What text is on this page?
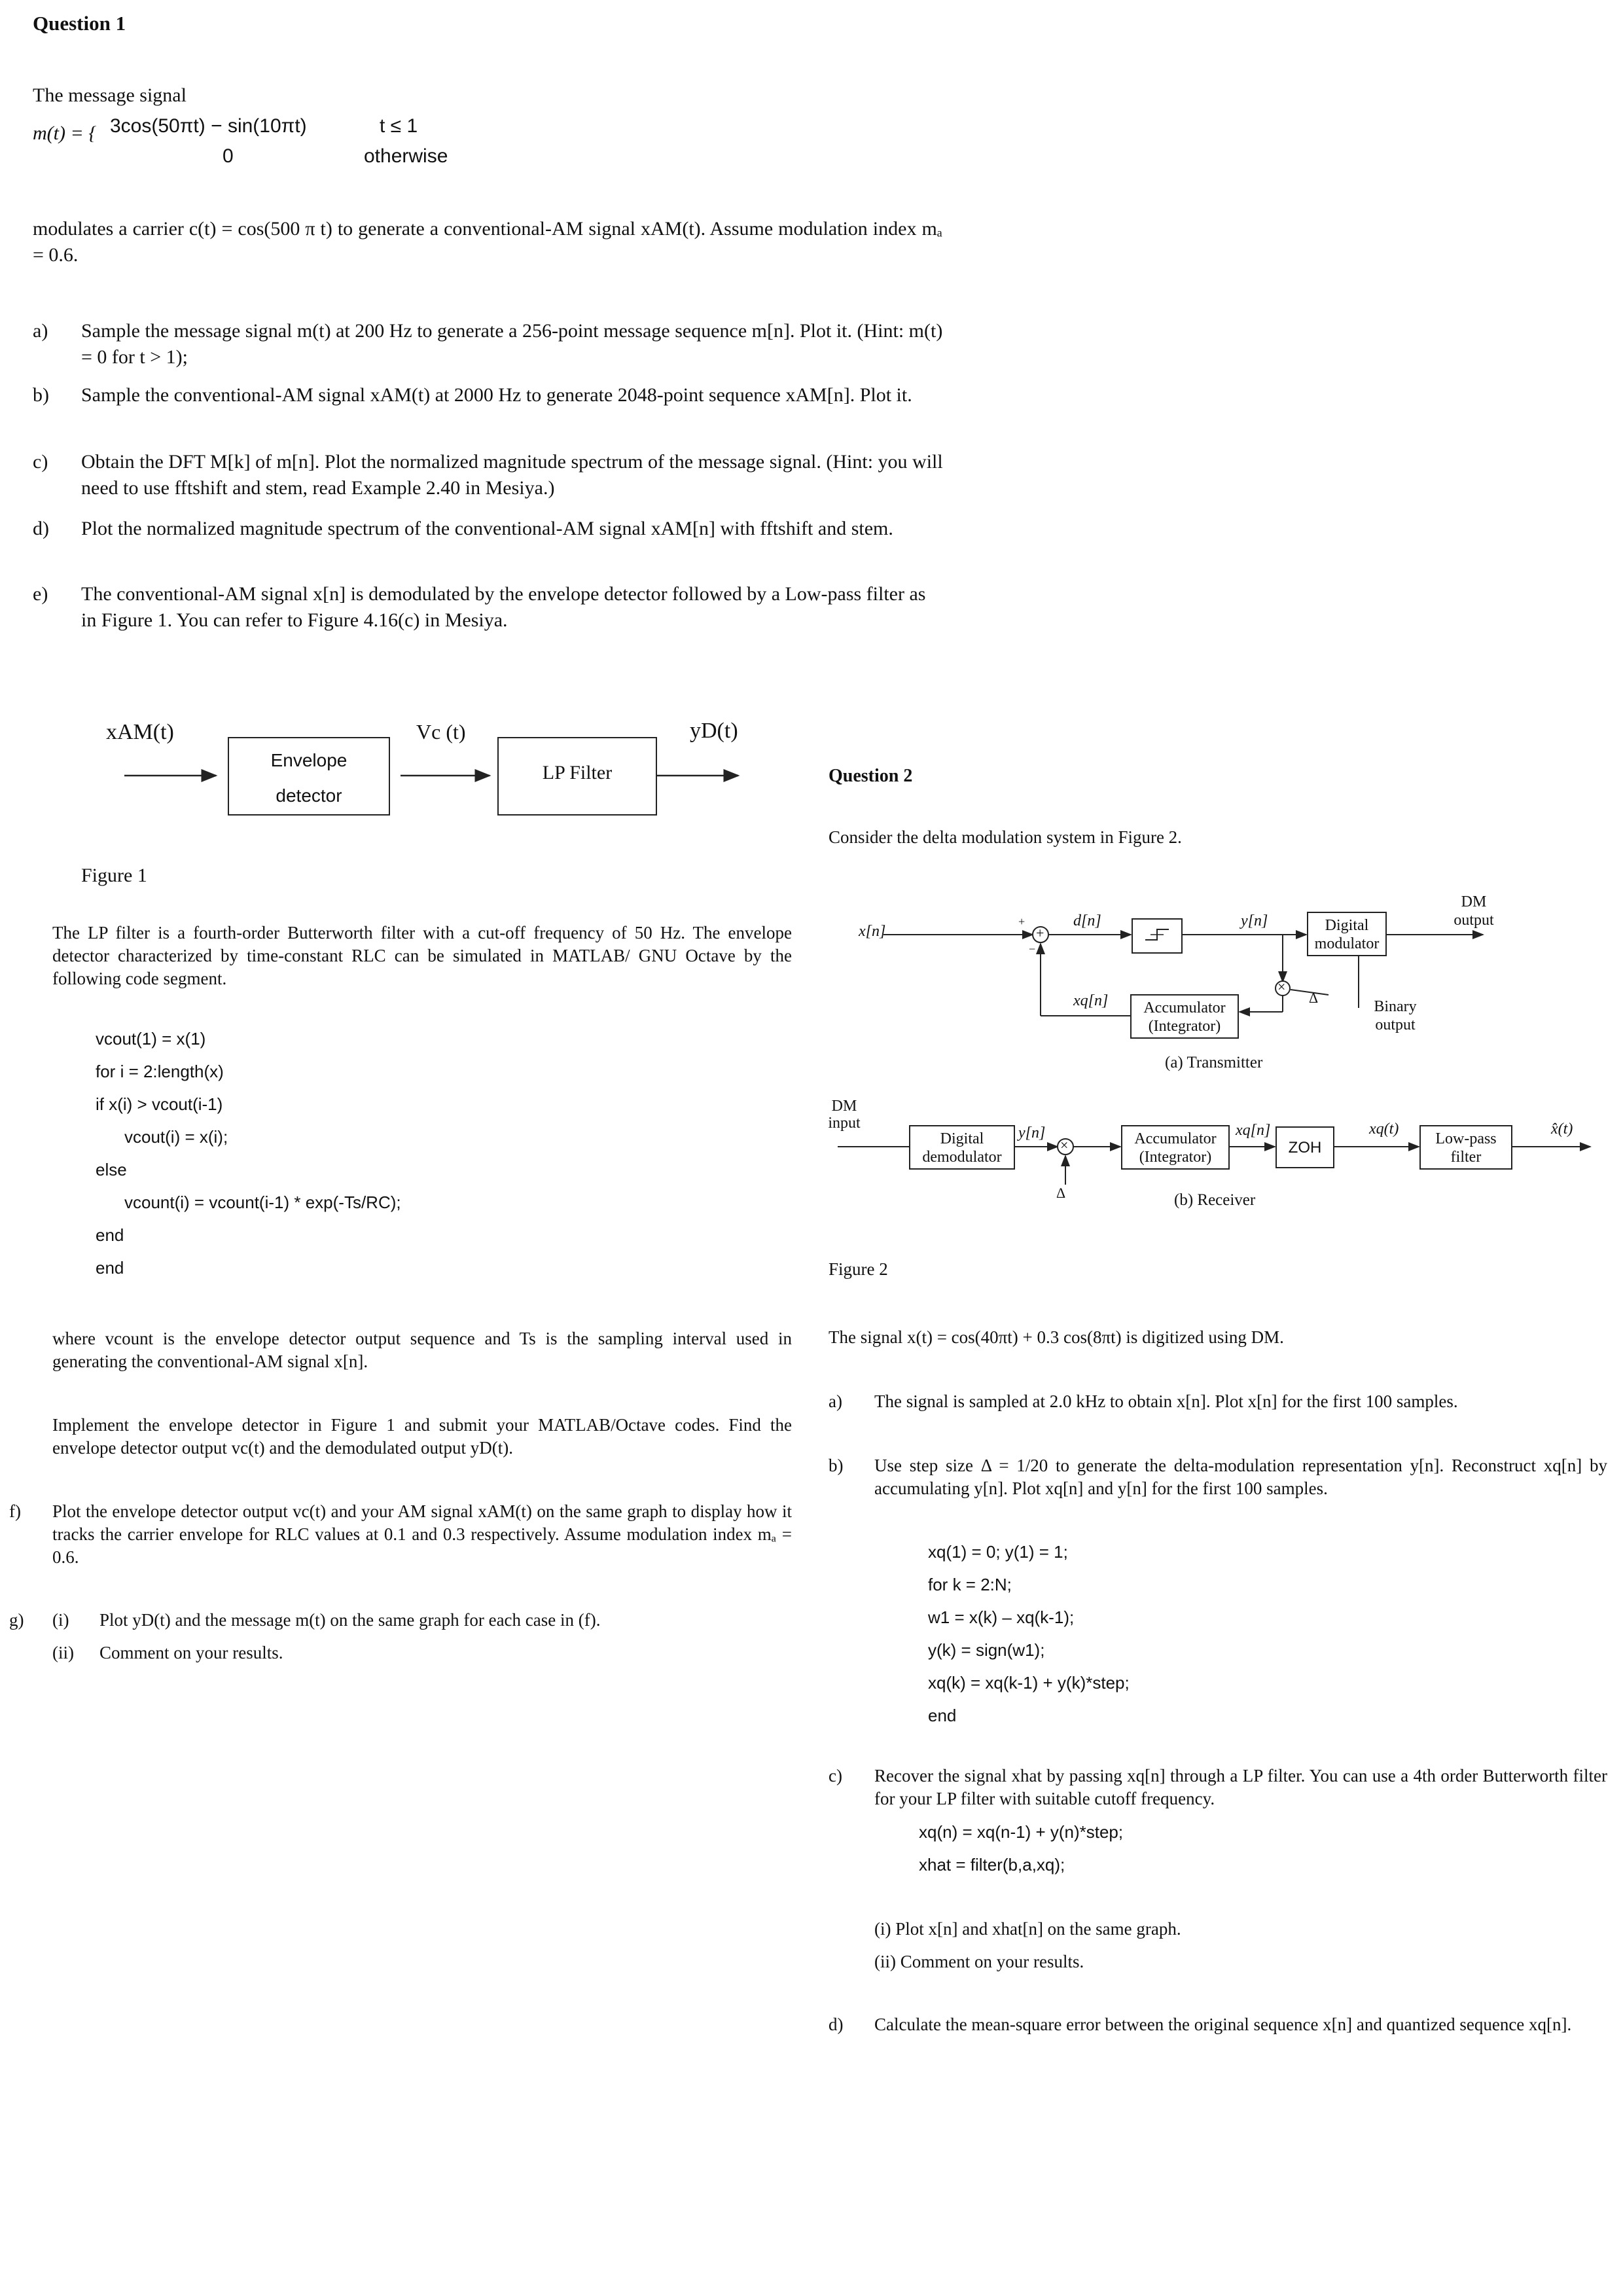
Question 1
The message signal
m(t) = { 3cos(50πt) − sin(10πt)	t ≤ 1
0	otherwise
modulates a carrier c(t) = cos(500 π t) to generate a conventional-AM signal xAM(t). Assume modulation index mₐ = 0.6.
a) Sample the message signal m(t) at 200 Hz to generate a 256-point message sequence m[n]. Plot it. (Hint: m(t) = 0 for t > 1);
b) Sample the conventional-AM signal xAM(t) at 2000 Hz to generate 2048-point sequence xAM[n]. Plot it.
c) Obtain the DFT M[k] of m[n]. Plot the normalized magnitude spectrum of the message signal. (Hint: you will need to use fftshift and stem, read Example 2.40 in Mesiya.)
d) Plot the normalized magnitude spectrum of the conventional-AM signal xAM[n] with fftshift and stem.
e) The conventional-AM signal x[n] is demodulated by the envelope detector followed by a Low-pass filter as in Figure 1. You can refer to Figure 4.16(c) in Mesiya.
xAM(t)
Envelope
detector
Vc (t)
LP Filter
yD(t)
Figure 1
The LP filter is a fourth-order Butterworth filter with a cut-off frequency of 50 Hz. The envelope detector characterized by time-constant RLC can be simulated in MATLAB/ GNU Octave by the following code segment.
vcout(1) = x(1)
for i = 2:length(x)
if x(i) > vcout(i-1)
vcout(i) = x(i);
else
vcount(i) = vcount(i-1) * exp(-Ts/RC);
end
end
where vcount is the envelope detector output sequence and Ts is the sampling interval used in generating the conventional-AM signal x[n].
Implement the envelope detector in Figure 1 and submit your MATLAB/Octave codes. Find the envelope detector output vc(t) and the demodulated output yD(t).
f) Plot the envelope detector output vc(t) and your AM signal xAM(t) on the same graph to display how it tracks the carrier envelope for RLC values at 0.1 and 0.3 respectively. Assume modulation index mₐ = 0.6.
g) (i) Plot yD(t) and the message m(t) on the same graph for each case in (f).
(ii) Comment on your results.
Question 2
Consider the delta modulation system in Figure 2.
x[n]
+
−
+
d[n]	y[n]	Digital
modulator
DM output
xq[n]	Accumulator
(Integrator)
×
Δ
Binary
output
(a) Transmitter
DM
input
Digital
demodulator
y[n]
×
Δ
Accumulator
(Integrator)
xq[n]
ZOH
xq(t)
Low-pass
filter
x̂(t)
(b) Receiver
Figure 2
The signal x(t) = cos(40πt) + 0.3 cos(8πt) is digitized using DM.
a) The signal is sampled at 2.0 kHz to obtain x[n]. Plot x[n] for the first 100 samples.
b) Use step size Δ = 1/20 to generate the delta-modulation representation y[n]. Reconstruct xq[n] by accumulating y[n]. Plot xq[n] and y[n] for the first 100 samples.
xq(1) = 0; y(1) = 1;
for k = 2:N;
w1 = x(k) – xq(k-1);
y(k) = sign(w1);
xq(k) = xq(k-1) + y(k)*step;
end
c) Recover the signal xhat by passing xq[n] through a LP filter. You can use a 4th order Butterworth filter for your LP filter with suitable cutoff frequency.
xq(n) = xq(n-1) + y(n)*step;
xhat = filter(b,a,xq);
(i) Plot x[n] and xhat[n] on the same graph.
(ii) Comment on your results.
d) Calculate the mean-square error between the original sequence x[n] and quantized sequence xq[n].
